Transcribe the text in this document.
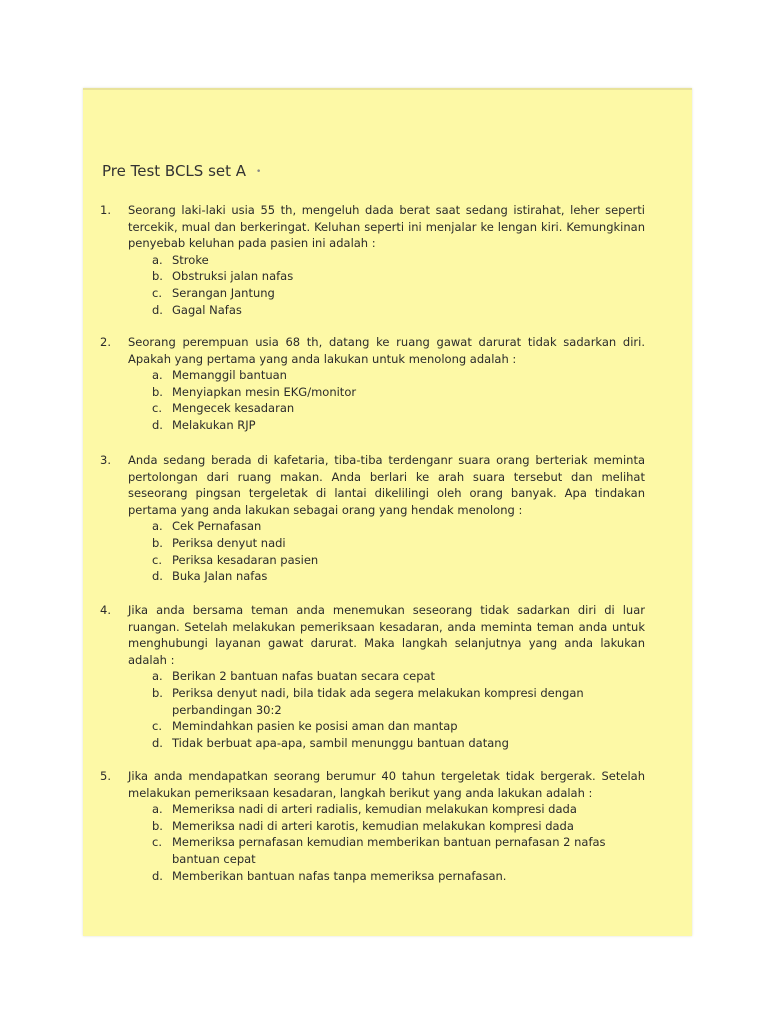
Pre Test BCLS set A •
1.	Seorang laki-laki usia 55 th, mengeluh dada berat saat sedang istirahat, leher seperti tercekik, mual dan berkeringat. Keluhan seperti ini menjalar ke lengan kiri. Kemungkinan penyebab keluhan pada pasien ini adalah :
a. Stroke
b. Obstruksi jalan nafas
c. Serangan Jantung
d. Gagal Nafas
2.	Seorang perempuan usia 68 th, datang ke ruang gawat darurat tidak sadarkan diri. Apakah yang pertama yang anda lakukan untuk menolong adalah :
a. Memanggil bantuan
b. Menyiapkan mesin EKG/monitor
c. Mengecek kesadaran
d. Melakukan RJP
3.	Anda sedang berada di kafetaria, tiba-tiba terdenganr suara orang berteriak meminta pertolongan dari ruang makan. Anda berlari ke arah suara tersebut dan melihat seseorang pingsan tergeletak di lantai dikelilingi oleh orang banyak. Apa tindakan pertama yang anda lakukan sebagai orang yang hendak menolong :
a. Cek Pernafasan
b. Periksa denyut nadi
c. Periksa kesadaran pasien
d. Buka Jalan nafas
4.	Jika anda bersama teman anda menemukan seseorang tidak sadarkan diri di luar ruangan. Setelah melakukan pemeriksaan kesadaran, anda meminta teman anda untuk menghubungi layanan gawat darurat. Maka langkah selanjutnya yang anda lakukan adalah :
a. Berikan 2 bantuan nafas buatan secara cepat
b. Periksa denyut nadi, bila tidak ada segera melakukan kompresi dengan perbandingan 30:2
c. Memindahkan pasien ke posisi aman dan mantap
d. Tidak berbuat apa-apa, sambil menunggu bantuan datang
5.	Jika anda mendapatkan seorang berumur 40 tahun tergeletak tidak bergerak. Setelah melakukan pemeriksaan kesadaran, langkah berikut yang anda lakukan adalah :
a. Memeriksa nadi di arteri radialis, kemudian melakukan kompresi dada
b. Memeriksa nadi di arteri karotis, kemudian melakukan kompresi dada
c. Memeriksa pernafasan kemudian memberikan bantuan pernafasan 2 nafas bantuan cepat
d. Memberikan bantuan nafas tanpa memeriksa pernafasan.
